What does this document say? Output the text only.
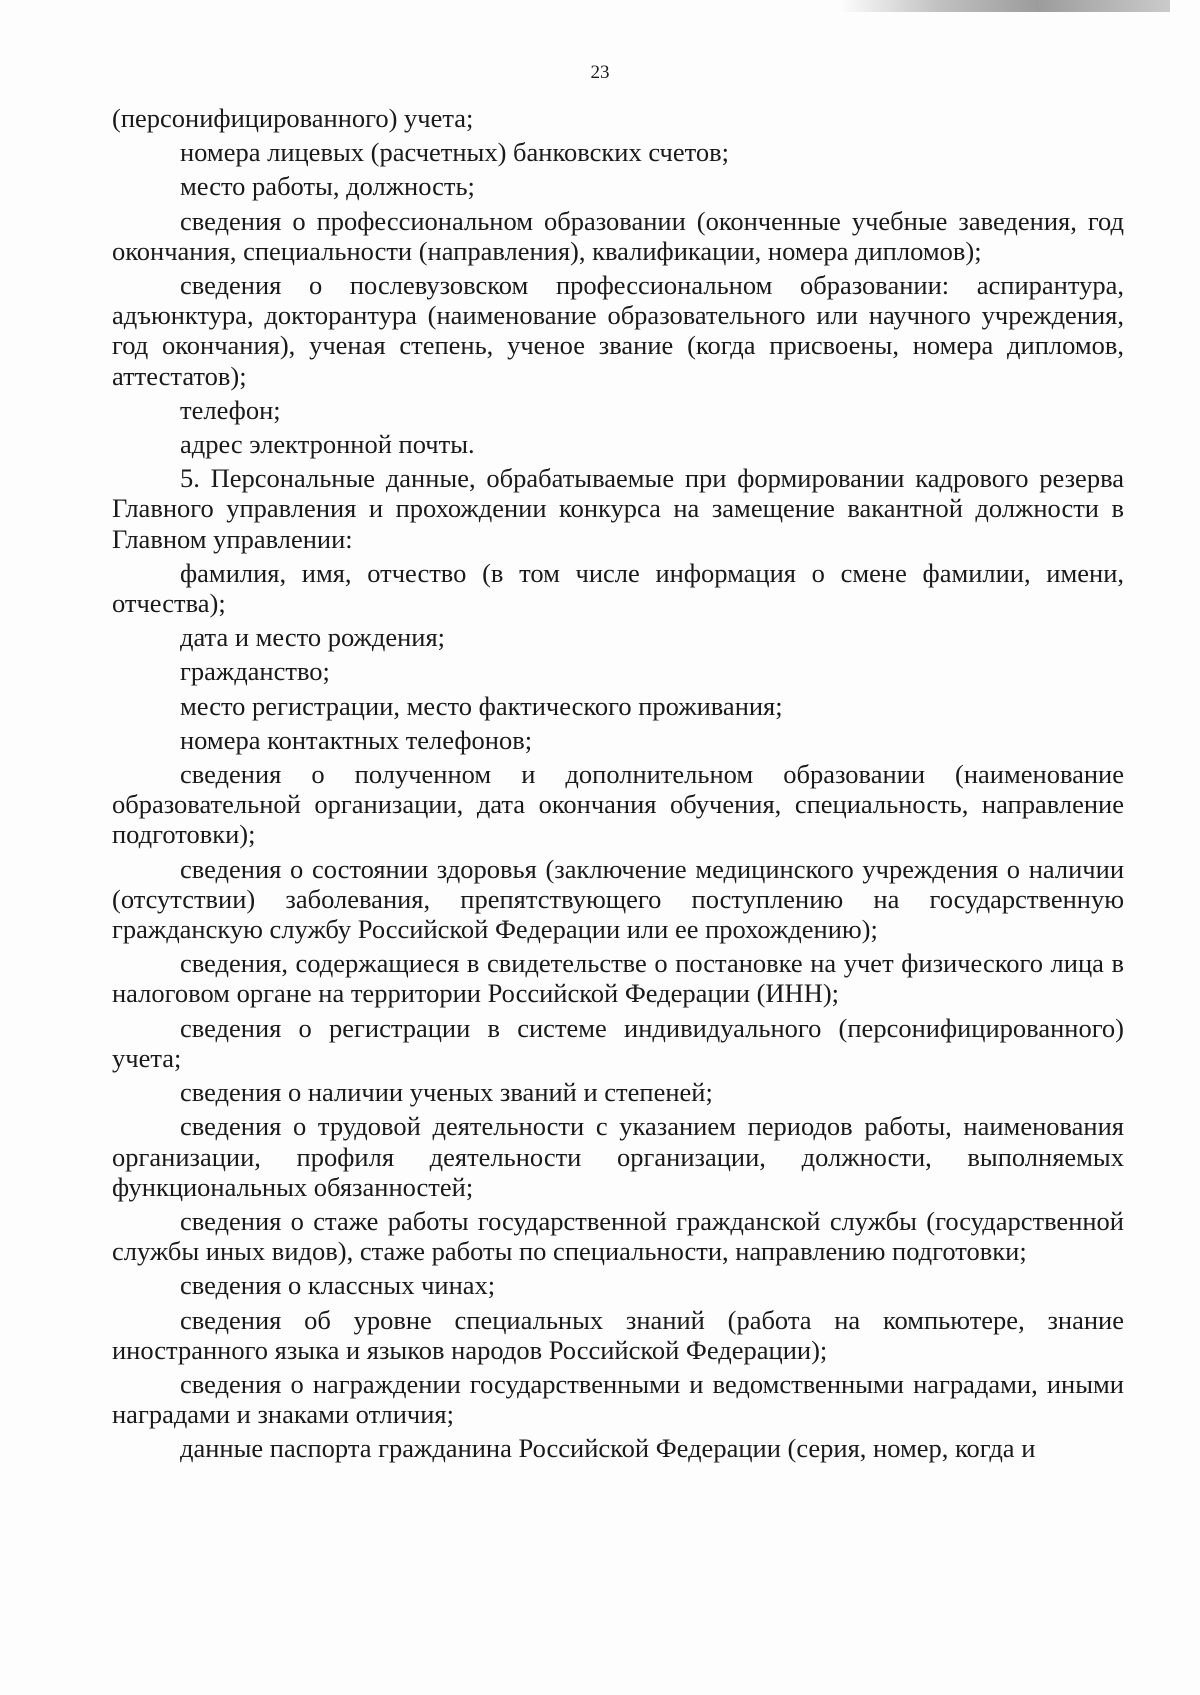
23

(персонифицированного) учета;

номера лицевых (расчетных) банковских счетов;

место работы, должность;

сведения о профессиональном образовании (оконченные учебные заведения, год окончания, специальности (направления), квалификации, номера дипломов);

сведения о послевузовском профессиональном образовании: аспирантура, адъюнктура, докторантура (наименование образовательного или научного учреждения, год окончания), ученая степень, ученое звание (когда присвоены, номера дипломов, аттестатов);

телефон;

адрес электронной почты.

5. Персональные данные, обрабатываемые при формировании кадрового резерва Главного управления и прохождении конкурса на замещение вакантной должности в Главном управлении:

фамилия, имя, отчество (в том числе информация о смене фамилии, имени, отчества);

дата и место рождения;

гражданство;

место регистрации, место фактического проживания;

номера контактных телефонов;

сведения о полученном и дополнительном образовании (наименование образовательной организации, дата окончания обучения, специальность, направление подготовки);

сведения о состоянии здоровья (заключение медицинского учреждения о наличии (отсутствии) заболевания, препятствующего поступлению на государственную гражданскую службу Российской Федерации или ее прохождению);

сведения, содержащиеся в свидетельстве о постановке на учет физического лица в налоговом органе на территории Российской Федерации (ИНН);

сведения о регистрации в системе индивидуального (персонифицированного) учета;

сведения о наличии ученых званий и степеней;

сведения о трудовой деятельности с указанием периодов работы, наименования организации, профиля деятельности организации, должности, выполняемых функциональных обязанностей;

сведения о стаже работы государственной гражданской службы (государственной службы иных видов), стаже работы по специальности, направлению подготовки;

сведения о классных чинах;

сведения об уровне специальных знаний (работа на компьютере, знание иностранного языка и языков народов Российской Федерации);

сведения о награждении государственными и ведомственными наградами, иными наградами и знаками отличия;

данные паспорта гражданина Российской Федерации (серия, номер, когда и
